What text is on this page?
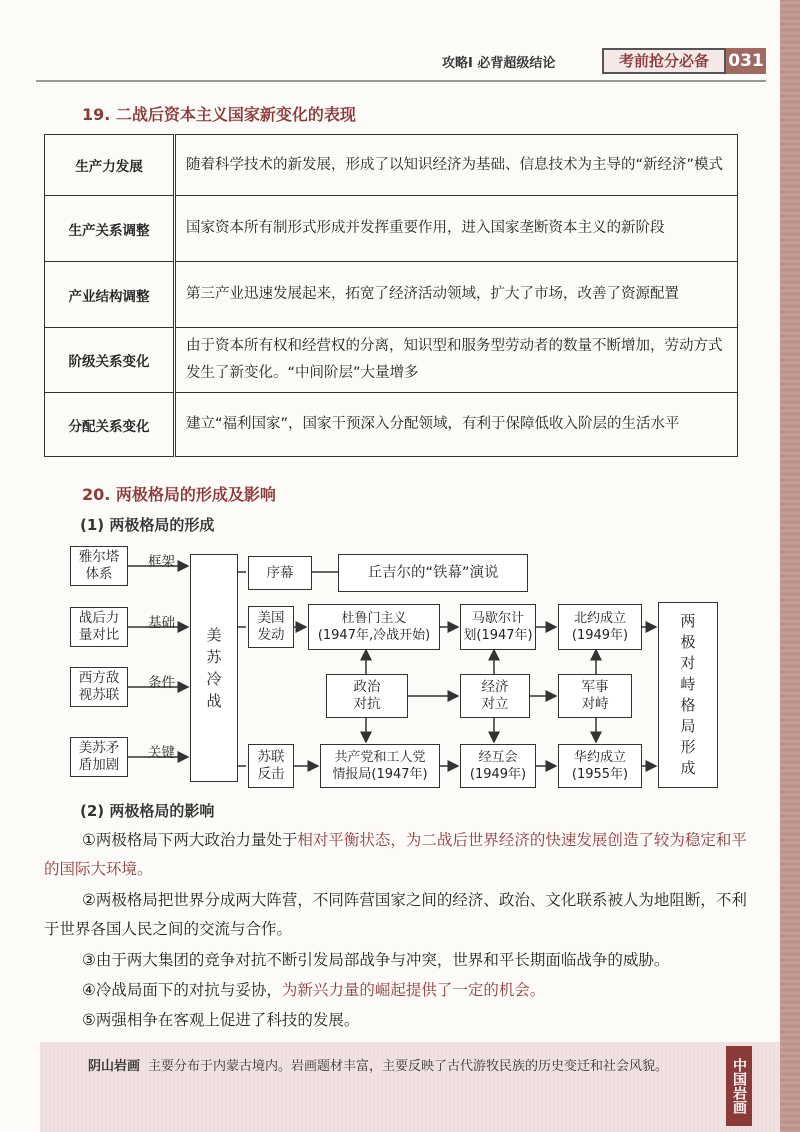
攻略Ⅰ 必背超级结论	考前抢分必备	031
19. 二战后资本主义国家新变化的表现
生产力发展	随着科学技术的新发展，形成了以知识经济为基础、信息技术为主导的“新经济”模式
生产关系调整	国家资本所有制形式形成并发挥重要作用，进入国家垄断资本主义的新阶段
产业结构调整	第三产业迅速发展起来，拓宽了经济活动领域，扩大了市场，改善了资源配置
阶级关系变化	由于资本所有权和经营权的分离，知识型和服务型劳动者的数量不断增加，劳动方式发生了新变化。“中间阶层”大量增多
分配关系变化	建立“福利国家”，国家干预深入分配领域，有利于保障低收入阶层的生活水平
20. 两极格局的形成及影响
(1) 两极格局的形成
雅尔塔
体系
战后力
量对比
西方敌
视苏联
美苏矛
盾加剧
框架
基础
条件
关键
美苏冷战
序幕	丘吉尔的“铁幕”演说
美国
发动
杜鲁门主义
(1947年,冷战开始)
马歇尔计
划(1947年)
北约成立
(1949年)
政治
对抗
经济
对立
军事
对峙
苏联
反击
共产党和工人党
情报局(1947年)
经互会
(1949年)
华约成立
(1955年)
两极对峙格局形成
(2) 两极格局的影响
①两极格局下两大政治力量处于相对平衡状态，为二战后世界经济的快速发展创造了较为稳定和平的国际大环境。
②两极格局把世界分成两大阵营，不同阵营国家之间的经济、政治、文化联系被人为地阻断，不利于世界各国人民之间的交流与合作。
③由于两大集团的竞争对抗不断引发局部战争与冲突，世界和平长期面临战争的威胁。
④冷战局面下的对抗与妥协，为新兴力量的崛起提供了一定的机会。
⑤两强相争在客观上促进了科技的发展。
阴山岩画 主要分布于内蒙古境内。岩画题材丰富，主要反映了古代游牧民族的历史变迁和社会风貌。	中国岩画
